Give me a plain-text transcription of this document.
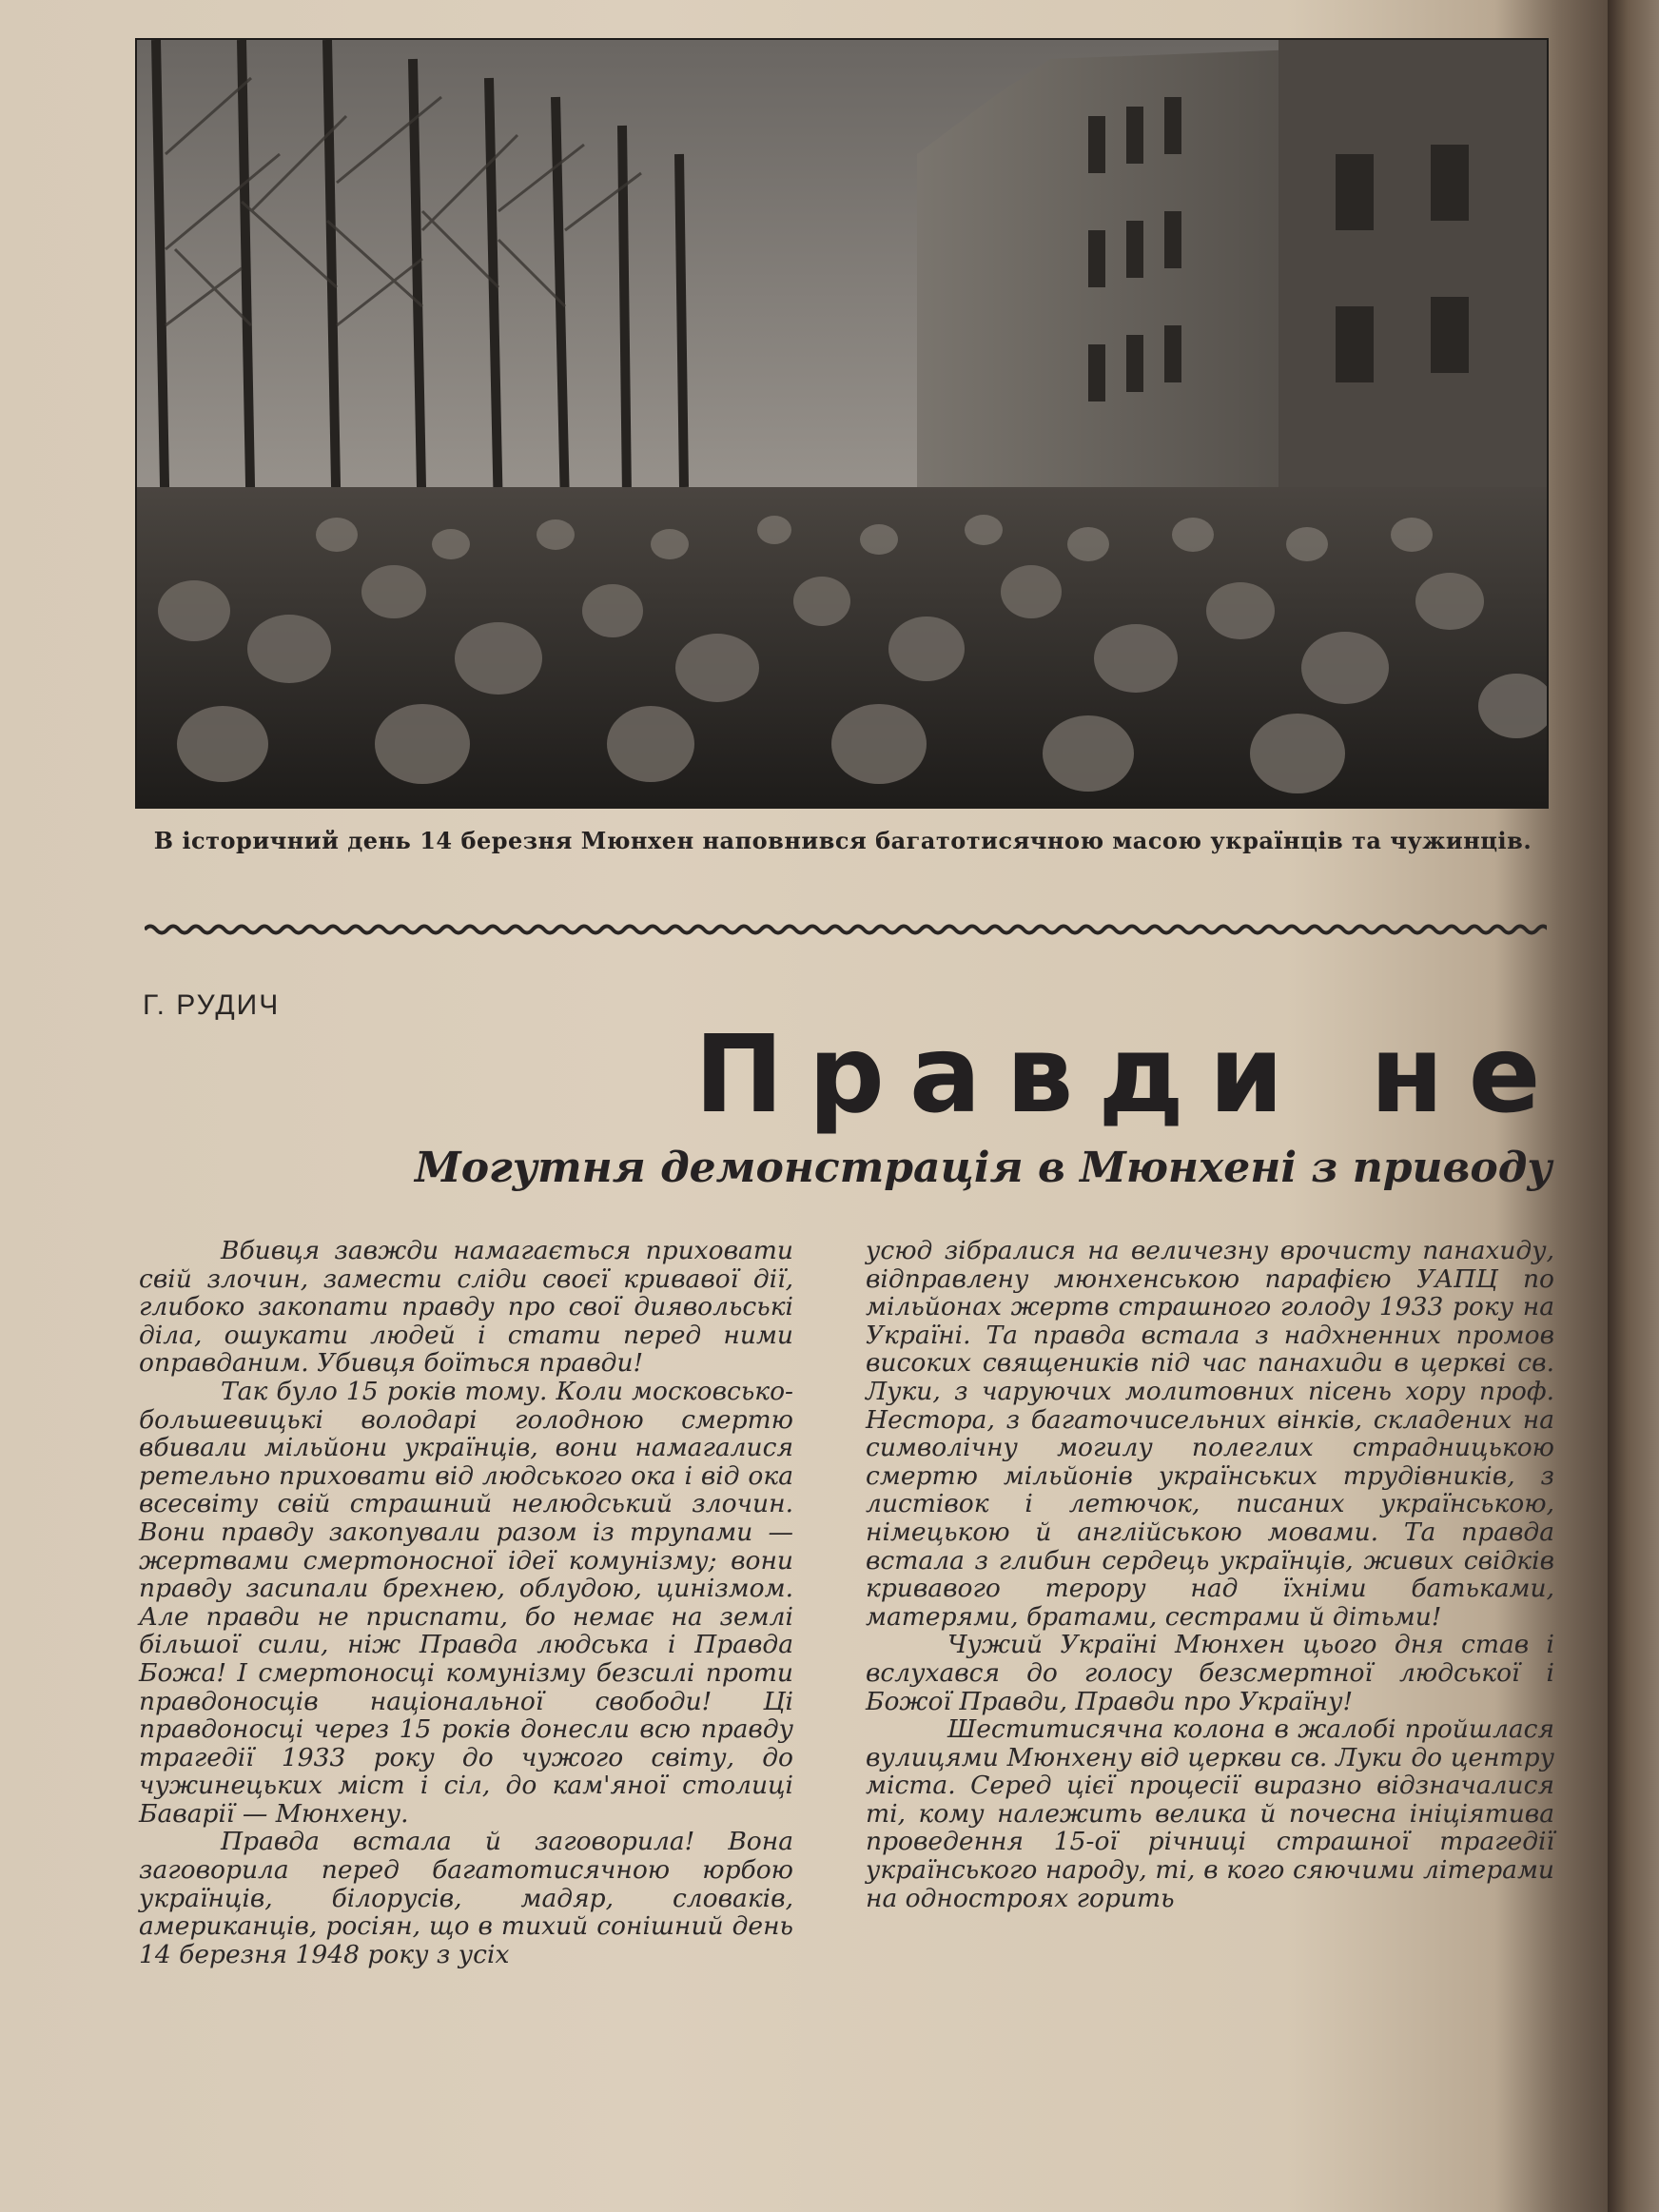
В історичний день 14 березня Мюнхен наповнився багатотисячною масою українців та чужинців.
Г. РУДИЧ
Правди не
Могутня демонстрація в Мюнхені з приводу

Вбивця завжди намагається приховати свій злочин, замести сліди своєї кривавої дії, глибоко закопати правду про свої диявольські діла, ошукати людей і стати перед ними оправданим. Убивця боїться правди!

Так було 15 років тому. Коли московсько-большевицькі володарі голодною смертю вбивали мільйони українців, вони намагалися ретельно приховати від людського ока і від ока всесвіту свій страшний нелюдський злочин. Вони правду закопували разом із трупами — жертвами смертоносної ідеї комунізму; вони правду засипали брехнею, облудою, цинізмом. Але правди не приспати, бо немає на землі більшої сили, ніж Правда людська і Правда Божа! І смертоносці комунізму безсилі проти правдоносців національної свободи! Ці правдоносці через 15 років донесли всю правду трагедії 1933 року до чужого світу, до чужинецьких міст і сіл, до кам'яної столиці Баварії — Мюнхену.

Правда встала й заговорила! Вона заговорила перед багатотисячною юрбою українців, білорусів, мадяр, словаків, американців, росіян, що в тихий сонішний день 14 березня 1948 року з усіх

усюд зібралися на величезну врочисту панахиду, відправлену мюнхенською парафією УАПЦ по мільйонах жертв страшного голоду 1933 року на Україні. Та правда встала з надхненних промов високих священиків під час панахиди в церкві св. Луки, з чаруючих молитовних пісень хору проф. Нестора, з багаточисельних вінків, складених на символічну могилу полеглих страдницькою смертю мільйонів українських трудівників, з листівок і летючок, писаних українською, німецькою й англійською мовами. Та правда встала з глибин сердець українців, живих свідків кривавого терору над їхніми батьками, матерями, братами, сестрами й дітьми!

Чужий Україні Мюнхен цього дня став і вслухався до голосу безсмертної людської і Божої Правди, Правди про Україну!

Шеститисячна колона в жалобі пройшлася вулицями Мюнхену від церкви св. Луки до центру міста. Серед цієї процесії виразно відзначалися ті, кому належить велика й почесна ініціятива проведення 15-ої річниці страшної трагедії українського народу, ті, в кого сяючими літерами на одностроях горить
